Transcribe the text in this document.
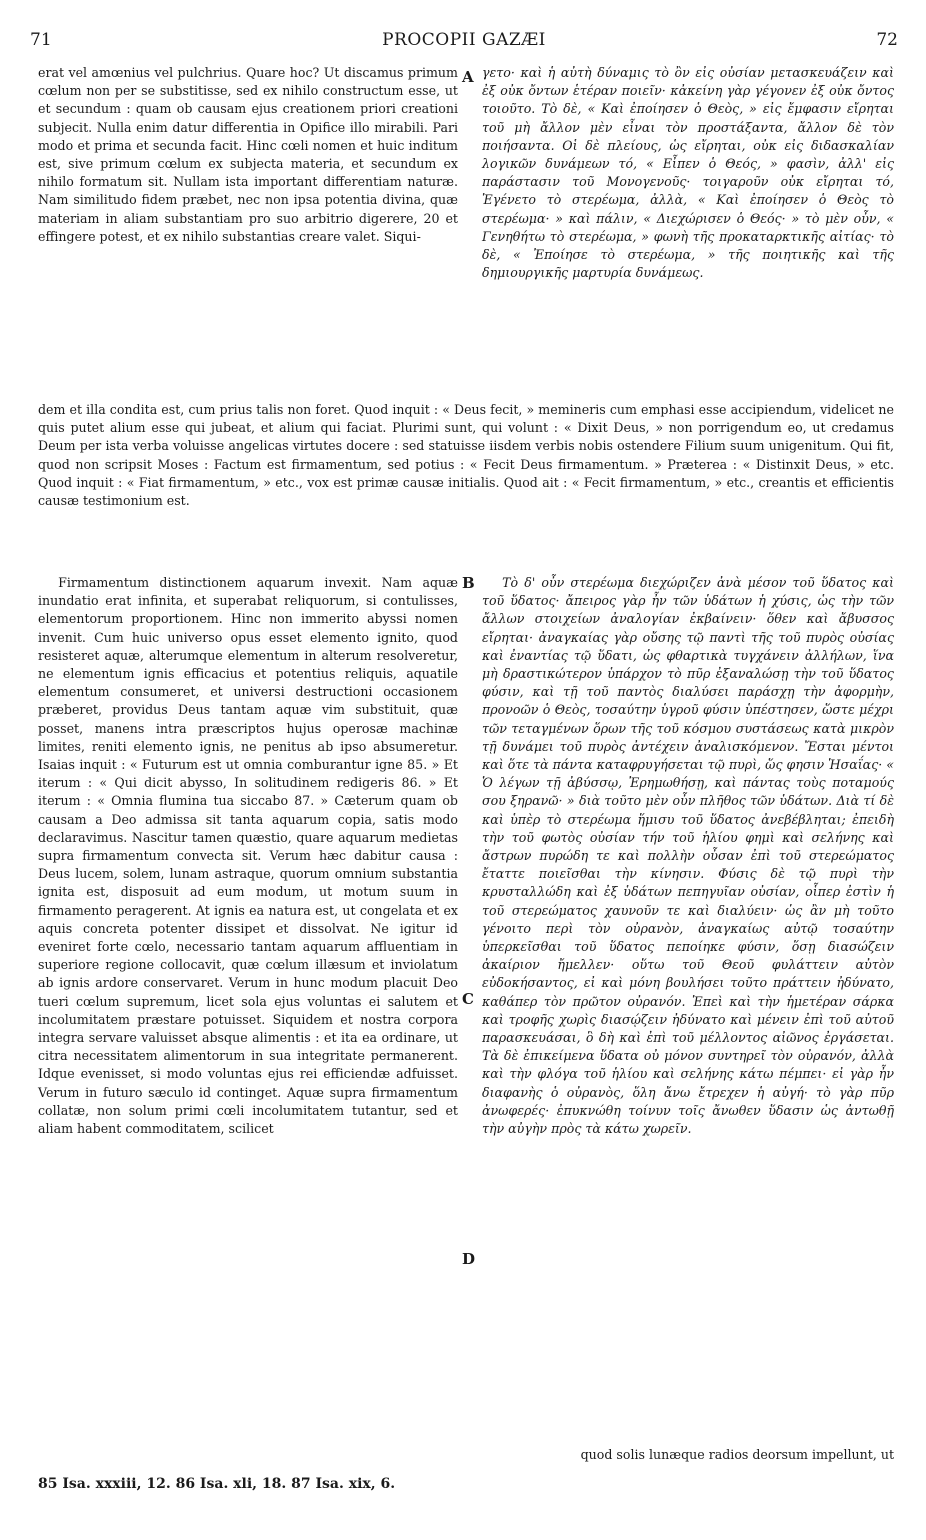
71	PROCOPII GAZÆI	72

erat vel amœnius vel pulchrius. Quare hoc? Ut discamus primum cœlum non per se substitisse, sed ex nihilo constructum esse, ut et secundum : quam ob causam ejus creationem priori creationi subjecit. Nulla enim datur differentia in Opifice illo mirabili. Pari modo et prima et secunda facit. Hinc cœli nomen et huic inditum est, sive primum cœlum ex subjecta materia, et secundum ex nihilo formatum sit. Nullam ista important differentiam naturæ. Nam similitudo fidem præbet, nec non ipsa potentia divina, quæ materiam in aliam substantiam pro suo arbitrio digerere, 20 et effingere potest, et ex nihilo substantias creare valet. Siqui-

A γετο· καὶ ἡ αὐτὴ δύναμις τὸ ὂν εἰς οὐσίαν μετασκευάζειν καὶ ἐξ οὐκ ὄντων ἑτέραν ποιεῖν· κἀκείνη γὰρ γέγονεν ἐξ οὐκ ὄντος τοιοῦτο. Τὸ δὲ, « Καὶ ἐποίησεν ὁ Θεὸς, » εἰς ἔμφασιν εἴρηται τοῦ μὴ ἄλλον μὲν εἶναι τὸν προστάξαντα, ἄλλον δὲ τὸν ποιήσαντα. Οἱ δὲ πλείους, ὡς εἴρηται, οὐκ εἰς διδασκαλίαν λογικῶν δυνάμεων τό, « Εἶπεν ὁ Θεός, » φασὶν, ἀλλ' εἰς παράστασιν τοῦ Μονογενοῦς· τοιγαροῦν οὐκ εἴρηται τό, Ἐγένετο τὸ στερέωμα, ἀλλὰ, « Καὶ ἐποίησεν ὁ Θεὸς τὸ στερέωμα· » καὶ πάλιν, « Διεχώρισεν ὁ Θεός· » τὸ μὲν οὖν, « Γενηθήτω τὸ στερέωμα, » φωνὴ τῆς προκαταρκτικῆς αἰτίας· τὸ δὲ, « Ἐποίησε τὸ στερέωμα, » τῆς ποιητικῆς καὶ τῆς δημιουργικῆς μαρτυρία δυνάμεως.

dem et illa condita est, cum prius talis non foret. Quod inquit : « Deus fecit, » memineris cum emphasi esse accipiendum, videlicet ne quis putet alium esse qui jubeat, et alium qui faciat. Plurimi sunt, qui volunt : « Dixit Deus, » non porrigendum eo, ut credamus Deum per ista verba voluisse angelicas virtutes docere : sed statuisse iisdem verbis nobis ostendere Filium suum unigenitum. Qui fit, quod non scripsit Moses : Factum est firmamentum, sed potius : « Fecit Deus firmamentum. » Præterea : « Distinxit Deus, » etc. Quod inquit : « Fiat firmamentum, » etc., vox est primæ causæ initialis. Quod ait : « Fecit firmamentum, » etc., creantis et efficientis causæ testimonium est.

Firmamentum distinctionem aquarum invexit. Nam aquæ inundatio erat infinita, et superabat reliquorum, si contulisses, elementorum proportionem. Hinc non immerito abyssi nomen invenit. Cum huic universo opus esset elemento ignito, quod resisteret aquæ, alterumque elementum in alterum resolveretur, ne elementum ignis efficacius et potentius reliquis, aquatile elementum consumeret, et universi destructioni occasionem præberet, providus Deus tantam aquæ vim substituit, quæ posset, manens intra præscriptos hujus operosæ machinæ limites, reniti elemento ignis, ne penitus ab ipso absumeretur. Isaias inquit : « Futurum est ut omnia comburantur igne 85. » Et iterum : « Qui dicit abysso, In solitudinem redigeris 86. » Et iterum : « Omnia flumina tua siccabo 87. » Cæterum quam ob causam a Deo admissa sit tanta aquarum copia, satis modo declaravimus. Nascitur tamen quæstio, quare aquarum medietas supra firmamentum convecta sit. Verum hæc dabitur causa : Deus lucem, solem, lunam astraque, quorum omnium substantia ignita est, disposuit ad eum modum, ut motum suum in firmamento peragerent. At ignis ea natura est, ut congelata et ex aquis concreta potenter dissipet et dissolvat. Ne igitur id eveniret forte cœlo, necessario tantam aquarum affluentiam in superiore regione collocavit, quæ cœlum illæsum et inviolatum ab ignis ardore conservaret. Verum in hunc modum placuit Deo tueri cœlum supremum, licet sola ejus voluntas ei salutem et incolumitatem præstare potuisset. Siquidem et nostra corpora integra servare valuisset absque alimentis : et ita ea ordinare, ut citra necessitatem alimentorum in sua integritate permanerent. Idque evenisset, si modo voluntas ejus rei efficiendæ adfuisset. Verum in futuro sæculo id continget. Aquæ supra firmamentum collatæ, non solum primi cœli incolumitatem tutantur, sed et aliam habent commoditatem, scilicet

B
C
D

Τὸ δ' οὖν στερέωμα διεχώριζεν ἀνὰ μέσον τοῦ ὕδατος καὶ τοῦ ὕδατος· ἄπειρος γὰρ ἦν τῶν ὑδάτων ἡ χύσις, ὡς τὴν τῶν ἄλλων στοιχείων ἀναλογίαν ἐκβαίνειν· ὅθεν καὶ ἄβυσσος εἴρηται· ἀναγκαίας γὰρ οὔσης τῷ παντὶ τῆς τοῦ πυρὸς οὐσίας καὶ ἐναντίας τῷ ὕδατι, ὡς φθαρτικὰ τυγχάνειν ἀλλήλων, ἵνα μὴ δραστικώτερον ὑπάρχον τὸ πῦρ ἐξαναλώσῃ τὴν τοῦ ὕδατος φύσιν, καὶ τῇ τοῦ παντὸς διαλύσει παράσχῃ τὴν ἀφορμὴν, προνοῶν ὁ Θεὸς, τοσαύτην ὑγροῦ φύσιν ὑπέστησεν, ὥστε μέχρι τῶν τεταγμένων ὅρων τῆς τοῦ κόσμου συστάσεως κατὰ μικρὸν τῇ δυνάμει τοῦ πυρὸς ἀντέχειν ἀναλισκόμενον. Ἔσται μέντοι καὶ ὅτε τὰ πάντα καταφρυγήσεται τῷ πυρὶ, ὥς φησιν Ἡσαΐας· « Ὁ λέγων τῇ ἀβύσσῳ, Ἐρημωθήσῃ, καὶ πάντας τοὺς ποταμούς σου ξηρανῶ· » διὰ τοῦτο μὲν οὖν πλῆθος τῶν ὑδάτων. Διὰ τί δὲ καὶ ὑπὲρ τὸ στερέωμα ἥμισυ τοῦ ὕδατος ἀνεβέβληται; ἐπειδὴ τὴν τοῦ φωτὸς οὐσίαν τήν τοῦ ἡλίου φημὶ καὶ σελήνης καὶ ἄστρων πυρώδη τε καὶ πολλὴν οὖσαν ἐπὶ τοῦ στερεώματος ἔταττε ποιεῖσθαι τὴν κίνησιν. Φύσις δὲ τῷ πυρὶ τὴν κρυσταλλώδη καὶ ἐξ ὑδάτων πεπηγυῖαν οὐσίαν, οἷπερ ἐστὶν ἡ τοῦ στερεώματος χαυνοῦν τε καὶ διαλύειν· ὡς ἂν μὴ τοῦτο γένοιτο περὶ τὸν οὐρανὸν, ἀναγκαίως αὐτῷ τοσαύτην ὑπερκεῖσθαι τοῦ ὕδατος πεποίηκε φύσιν, ὅσῃ διασώζειν ἀκαίριον ἤμελλεν· οὕτω τοῦ Θεοῦ φυλάττειν αὐτὸν εὐδοκήσαντος, εἰ καὶ μόνη βουλήσει τοῦτο πράττειν ἠδύνατο, καθάπερ τὸν πρῶτον οὐρανόν. Ἐπεὶ καὶ τὴν ἡμετέραν σάρκα καὶ τροφῆς χωρὶς διασῴζειν ἠδύνατο καὶ μένειν ἐπὶ τοῦ αὐτοῦ παρασκευάσαι, ὃ δὴ καὶ ἐπὶ τοῦ μέλλοντος αἰῶνος ἐργάσεται. Τὰ δὲ ἐπικείμενα ὕδατα οὐ μόνον συντηρεῖ τὸν οὐρανόν, ἀλλὰ καὶ τὴν φλόγα τοῦ ἡλίου καὶ σελήνης κάτω πέμπει· εἰ γὰρ ἦν διαφανὴς ὁ οὐρανὸς, ὅλη ἄνω ἔτρεχεν ἡ αὐγή· τὸ γὰρ πῦρ ἀνωφερές· ἐπυκνώθη τοίνυν τοῖς ἄνωθεν ὕδασιν ὡς ἀντωθῇ τὴν αὐγὴν πρὸς τὰ κάτω χωρεῖν.

quod solis lunæque radios deorsum impellunt, ut

85 Isa. xxxiii, 12. 86 Isa. xli, 18. 87 Isa. xix, 6.
